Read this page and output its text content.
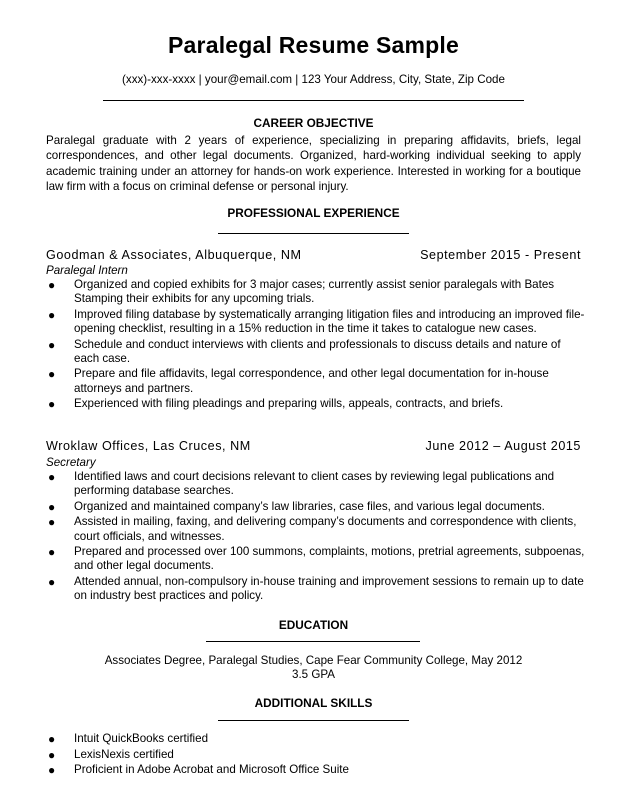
Paralegal Resume Sample
(xxx)-xxx-xxxx | your@email.com | 123 Your Address, City, State, Zip Code
CAREER OBJECTIVE
Paralegal graduate with 2 years of experience, specializing in preparing affidavits, briefs, legal correspondences, and other legal documents. Organized, hard-working individual seeking to apply academic training under an attorney for hands-on work experience. Interested in working for a boutique law firm with a focus on criminal defense or personal injury.
PROFESSIONAL EXPERIENCE
Goodman & Associates, Albuquerque, NM	September 2015 - Present
Paralegal Intern
● Organized and copied exhibits for 3 major cases; currently assist senior paralegals with Bates Stamping their exhibits for any upcoming trials.
● Improved filing database by systematically arranging litigation files and introducing an improved file-opening checklist, resulting in a 15% reduction in the time it takes to catalogue new cases.
● Schedule and conduct interviews with clients and professionals to discuss details and nature of each case.
● Prepare and file affidavits, legal correspondence, and other legal documentation for in-house attorneys and partners.
● Experienced with filing pleadings and preparing wills, appeals, contracts, and briefs.
Wroklaw Offices, Las Cruces, NM	June 2012 – August 2015
Secretary
● Identified laws and court decisions relevant to client cases by reviewing legal publications and performing database searches.
● Organized and maintained company’s law libraries, case files, and various legal documents.
● Assisted in mailing, faxing, and delivering company’s documents and correspondence with clients, court officials, and witnesses.
● Prepared and processed over 100 summons, complaints, motions, pretrial agreements, subpoenas, and other legal documents.
● Attended annual, non-compulsory in-house training and improvement sessions to remain up to date on industry best practices and policy.
EDUCATION
Associates Degree, Paralegal Studies, Cape Fear Community College, May 2012
3.5 GPA
ADDITIONAL SKILLS
● Intuit QuickBooks certified
● LexisNexis certified
● Proficient in Adobe Acrobat and Microsoft Office Suite
